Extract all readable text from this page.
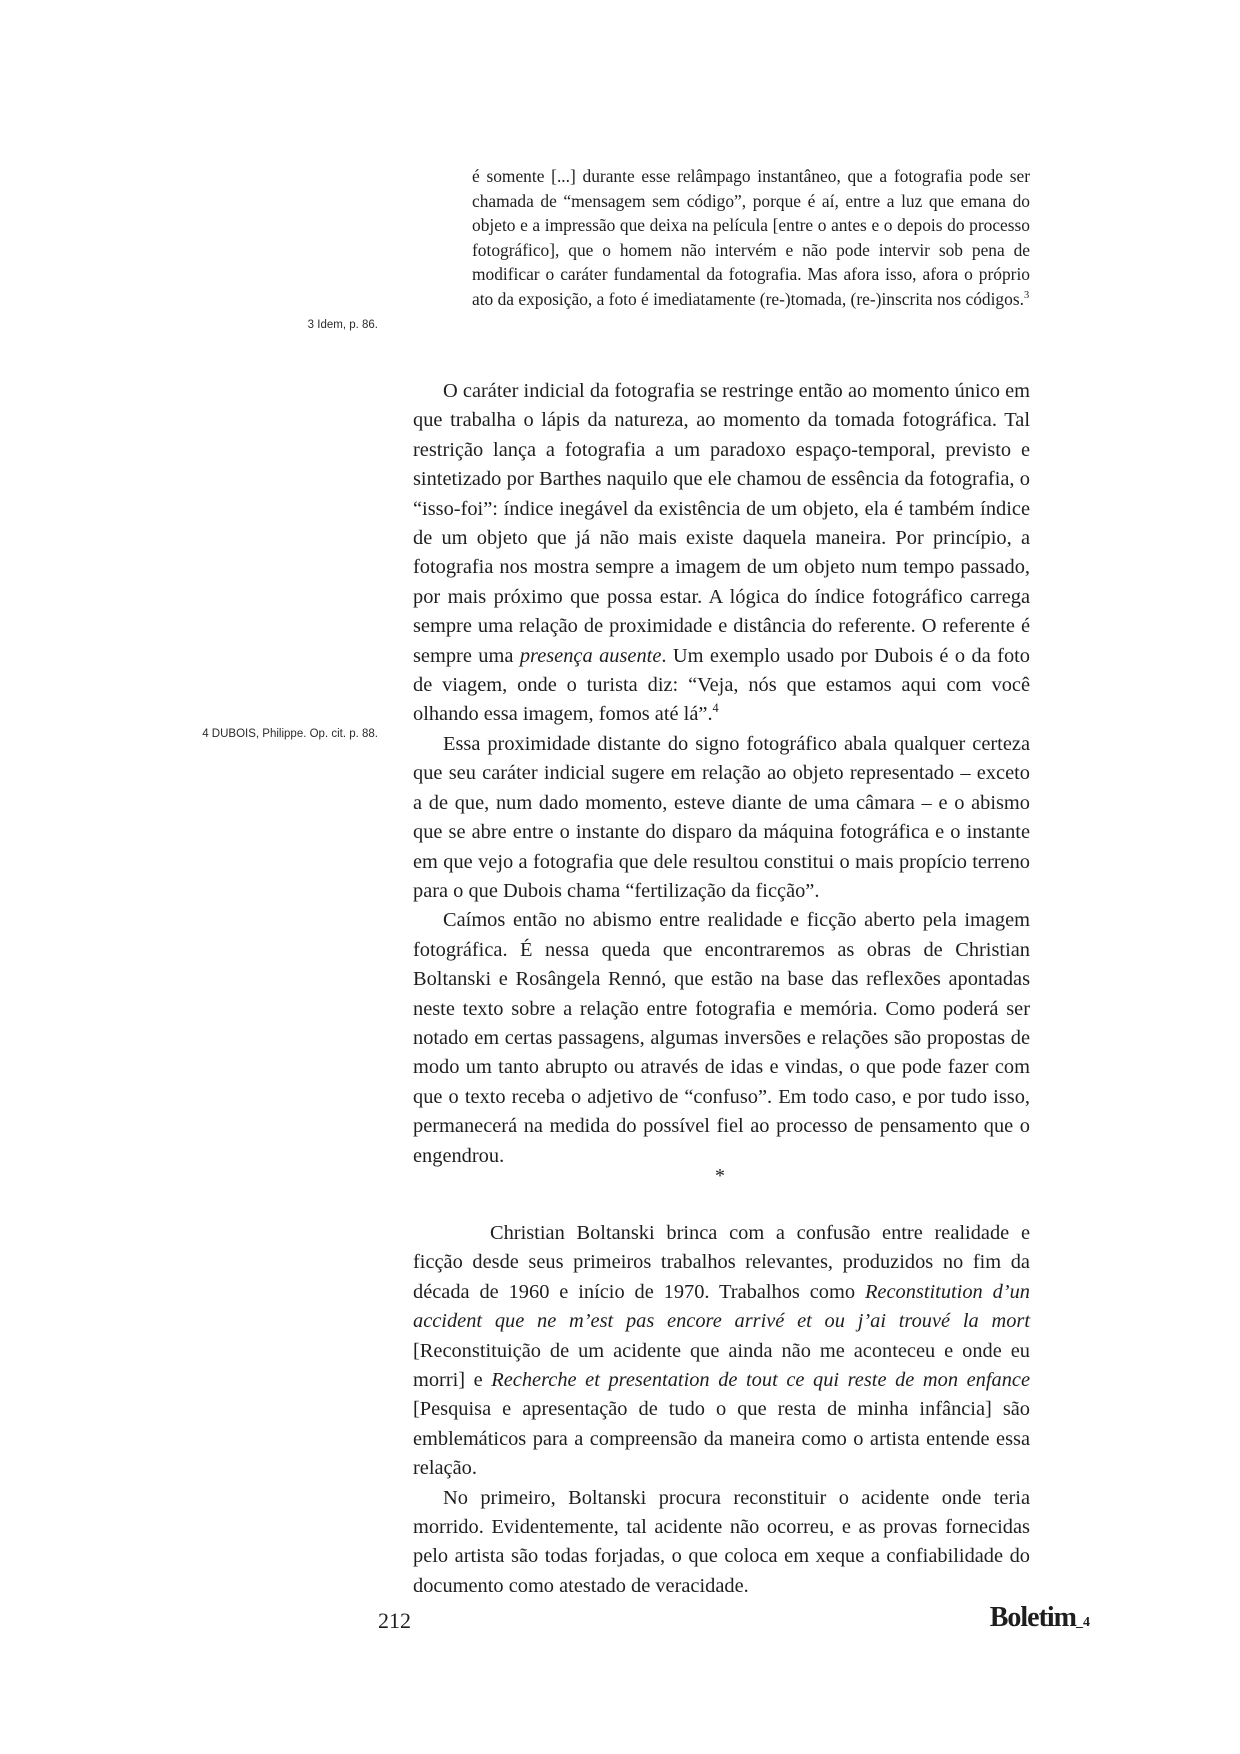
é somente [...] durante esse relâmpago instantâneo, que a fotografia pode ser chamada de “mensagem sem código”, porque é aí, entre a luz que emana do objeto e a impressão que deixa na película [entre o antes e o depois do processo fotográfico], que o homem não intervém e não pode intervir sob pena de modificar o caráter fundamental da fotografia. Mas afora isso, afora o próprio ato da exposição, a foto é imediatamente (re-)tomada, (re-)inscrita nos códigos.$^3$
3 Idem, p. 86.
4 DUBOIS, Philippe. Op. cit. p. 88.

O caráter indicial da fotografia se restringe então ao momento único em que trabalha o lápis da natureza, ao momento da tomada fotográfica. Tal restrição lança a fotografia a um paradoxo espaço-temporal, previsto e sintetizado por Barthes naquilo que ele chamou de essência da fotografia, o “isso-foi”: índice inegável da existência de um objeto, ela é também índice de um objeto que já não mais existe daquela maneira. Por princípio, a fotografia nos mostra sempre a imagem de um objeto num tempo passado, por mais próximo que possa estar. A lógica do índice fotográfico carrega sempre uma relação de proximidade e distância do referente. O referente é sempre uma presença ausente. Um exemplo usado por Dubois é o da foto de viagem, onde o turista diz: “Veja, nós que estamos aqui com você olhando essa imagem, fomos até lá”.$^4$

Essa proximidade distante do signo fotográfico abala qualquer certeza que seu caráter indicial sugere em relação ao objeto representado – exceto a de que, num dado momento, esteve diante de uma câmara – e o abismo que se abre entre o instante do disparo da máquina fotográfica e o instante em que vejo a fotografia que dele resultou constitui o mais propício terreno para o que Dubois chama “fertilização da ficção”.

Caímos então no abismo entre realidade e ficção aberto pela imagem fotográfica. É nessa queda que encontraremos as obras de Christian Boltanski e Rosângela Rennó, que estão na base das reflexões apontadas neste texto sobre a relação entre fotografia e memória. Como poderá ser notado em certas passagens, algumas inversões e relações são propostas de modo um tanto abrupto ou através de idas e vindas, o que pode fazer com que o texto receba o adjetivo de “confuso”. Em todo caso, e por tudo isso, permanecerá na medida do possível fiel ao processo de pensamento que o engendrou.

*

Christian Boltanski brinca com a confusão entre realidade e ficção desde seus primeiros trabalhos relevantes, produzidos no fim da década de 1960 e início de 1970. Trabalhos como Reconstitution d’un accident que ne m’est pas encore arrivé et ou j’ai trouvé la mort [Reconstituição de um acidente que ainda não me aconteceu e onde eu morri] e Recherche et presentation de tout ce qui reste de mon enfance [Pesquisa e apresentação de tudo o que resta de minha infância] são emblemáticos para a compreensão da maneira como o artista entende essa relação.

No primeiro, Boltanski procura reconstituir o acidente onde teria morrido. Evidentemente, tal acidente não ocorreu, e as provas fornecidas pelo artista são todas forjadas, o que coloca em xeque a confiabilidade do documento como atestado de veracidade.

212	Boletim_4
